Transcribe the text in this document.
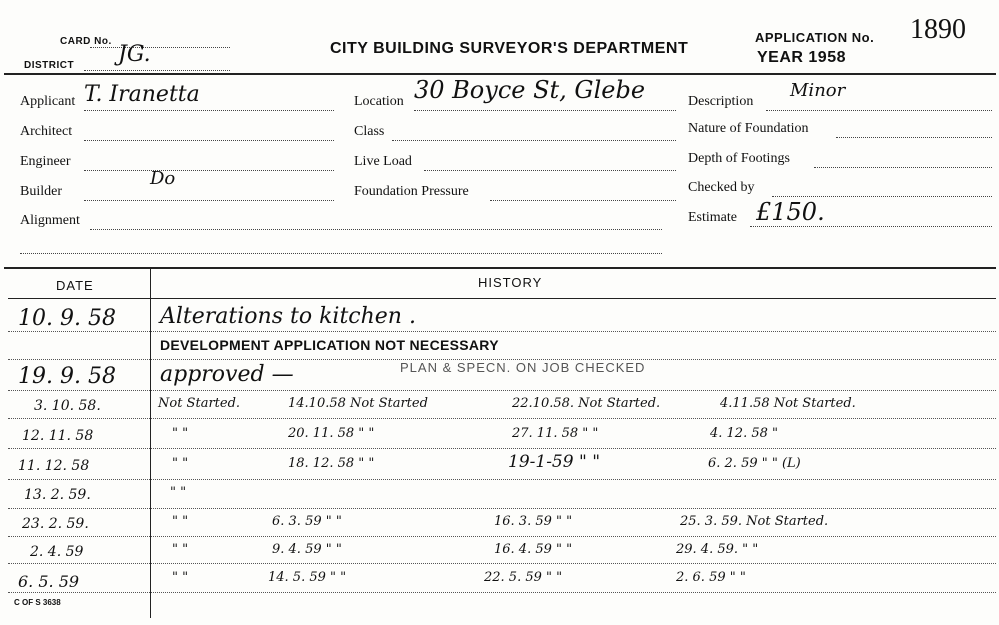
CARD No.
DISTRICT JG.	CITY BUILDING SURVEYOR'S DEPARTMENT
APPLICATION No. 1890
YEAR 1958
Applicant T. Iranetta
Architect
Engineer
Builder
Do
Alignment
Location 30 Boyce St, Glebe
Class
Live Load
Foundation Pressure
Description
Minor
Nature of Foundation
Depth of Footings
Checked by
Estimate £150.
DATE	HISTORY
10. 9. 58 Alterations to kitchen .
DEVELOPMENT APPLICATION NOT NECESSARY
19. 9. 58 approved —	PLAN & SPECN. ON JOB CHECKED
3. 10. 58.	Not Started.	14.10.58 Not Started	22.10.58. Not Started.	4.11.58 Not Started.
12. 11. 58	" "	20. 11. 58 " "	27. 11. 58 " "	4. 12. 58 "
11. 12. 58	" "	18. 12. 58 " "	19-1-59 " "	6. 2. 59 " " (L)
13. 2. 59.	" "
23. 2. 59.	" "	6. 3. 59 " "	16. 3. 59 " "	25. 3. 59. Not Started.
2. 4. 59	" "	9. 4. 59 " "	16. 4. 59 " "	29. 4. 59. " "
6. 5. 59	" "	14. 5. 59 " "	22. 5. 59 " "	2. 6. 59 " "
C OF S 3638
